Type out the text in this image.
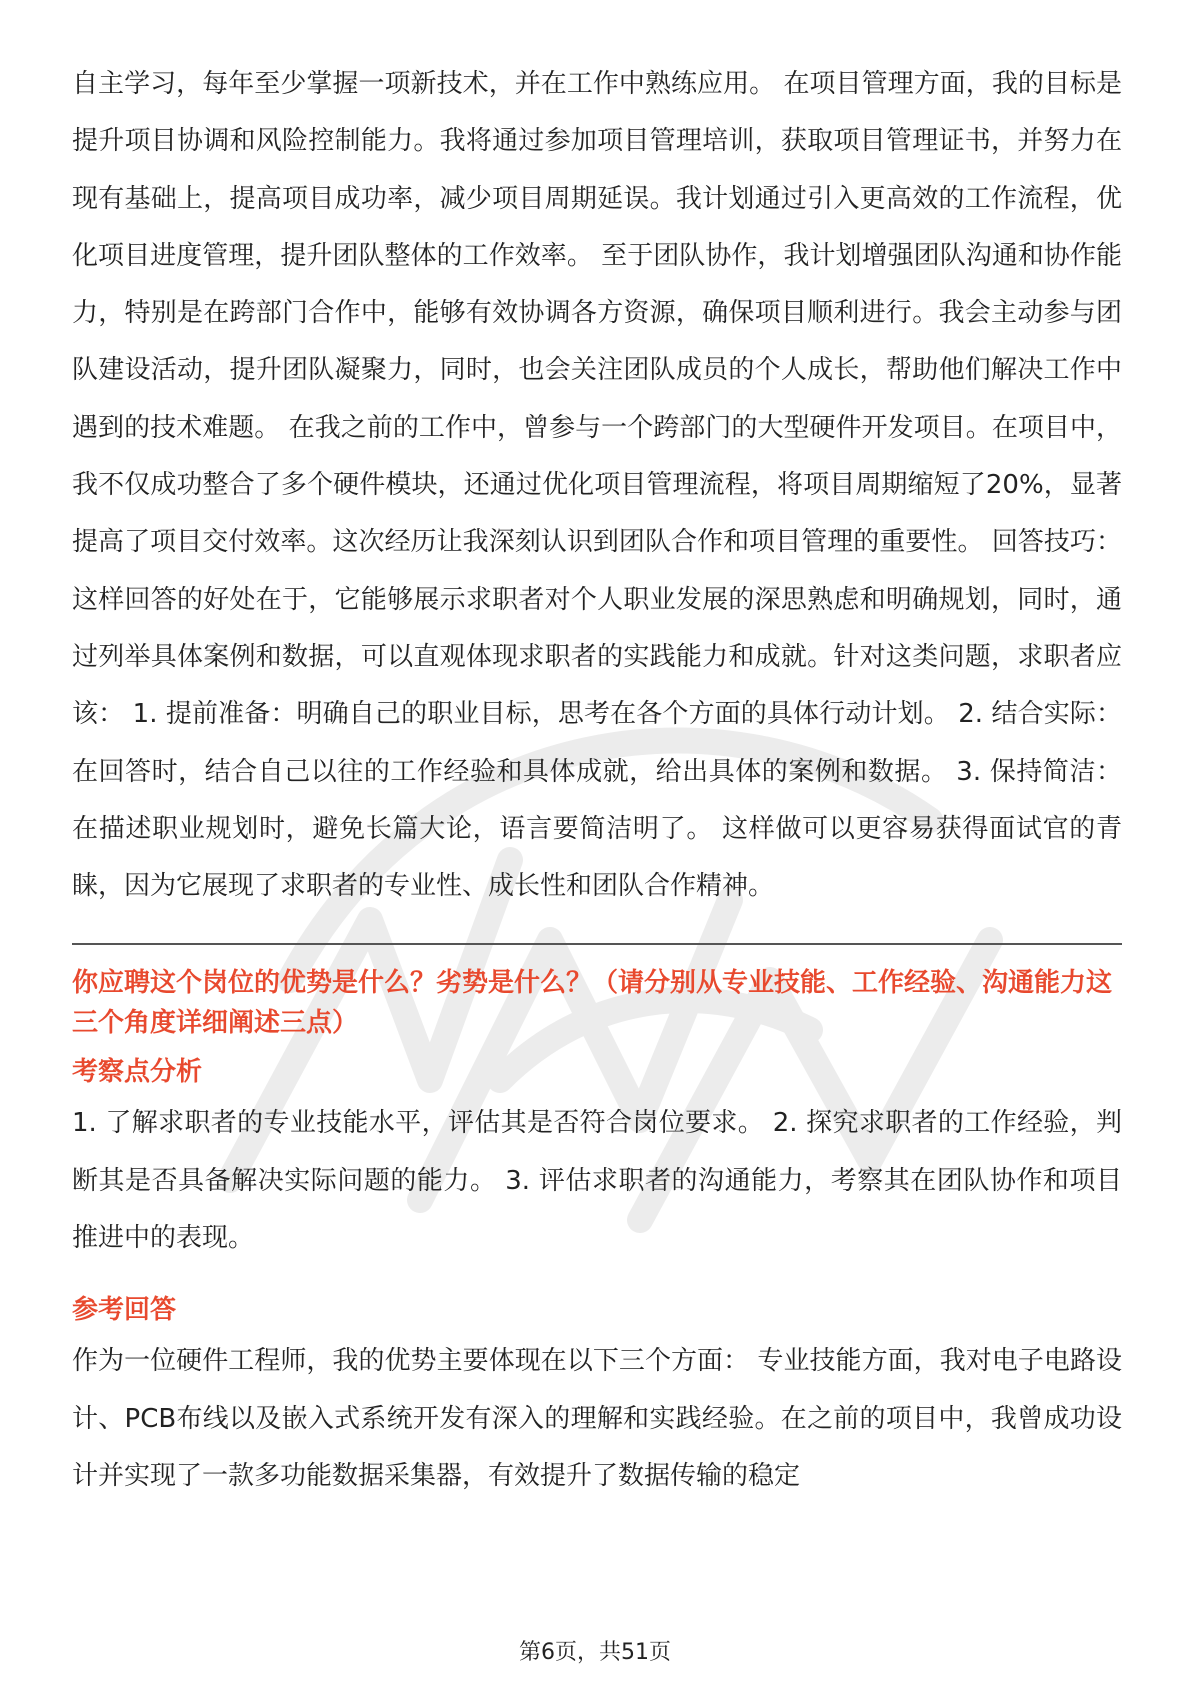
自主学习，每年至少掌握一项新技术，并在工作中熟练应用。 在项目管理方面，我的目标是提升项目协调和风险控制能力。我将通过参加项目管理培训，获取项目管理证书，并努力在现有基础上，提高项目成功率，减少项目周期延误。我计划通过引入更高效的工作流程，优化项目进度管理，提升团队整体的工作效率。 至于团队协作，我计划增强团队沟通和协作能力，特别是在跨部门合作中，能够有效协调各方资源，确保项目顺利进行。我会主动参与团队建设活动，提升团队凝聚力，同时，也会关注团队成员的个人成长，帮助他们解决工作中遇到的技术难题。 在我之前的工作中，曾参与一个跨部门的大型硬件开发项目。在项目中，我不仅成功整合了多个硬件模块，还通过优化项目管理流程，将项目周期缩短了20%，显著提高了项目交付效率。这次经历让我深刻认识到团队合作和项目管理的重要性。 回答技巧： 这样回答的好处在于，它能够展示求职者对个人职业发展的深思熟虑和明确规划，同时，通过列举具体案例和数据，可以直观体现求职者的实践能力和成就。针对这类问题，求职者应该： 1. 提前准备：明确自己的职业目标，思考在各个方面的具体行动计划。 2. 结合实际：在回答时，结合自己以往的工作经验和具体成就，给出具体的案例和数据。 3. 保持简洁：在描述职业规划时，避免长篇大论，语言要简洁明了。 这样做可以更容易获得面试官的青睐，因为它展现了求职者的专业性、成长性和团队合作精神。

你应聘这个岗位的优势是什么？劣势是什么？（请分别从专业技能、工作经验、沟通能力这三个角度详细阐述三点）

考察点分析

1. 了解求职者的专业技能水平，评估其是否符合岗位要求。 2. 探究求职者的工作经验，判断其是否具备解决实际问题的能力。 3. 评估求职者的沟通能力，考察其在团队协作和项目推进中的表现。

参考回答

作为一位硬件工程师，我的优势主要体现在以下三个方面： 专业技能方面，我对电子电路设计、PCB布线以及嵌入式系统开发有深入的理解和实践经验。在之前的项目中，我曾成功设计并实现了一款多功能数据采集器，有效提升了数据传输的稳定

第6页，共51页
